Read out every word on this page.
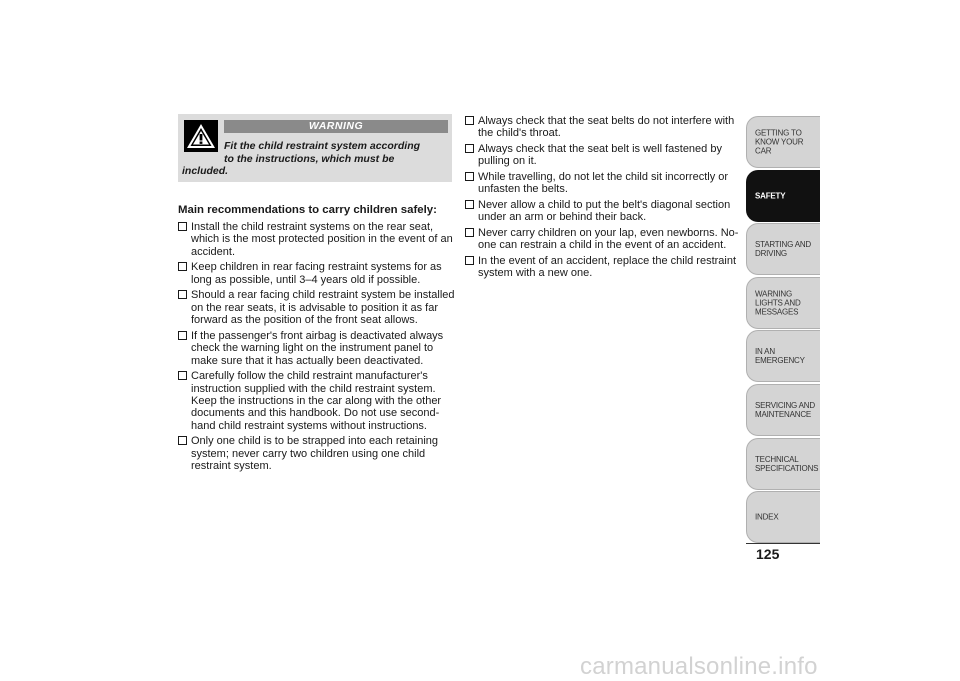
WARNING
Fit the child restraint system according
to the instructions, which must be
included.
Main recommendations to carry children safely:
Install the child restraint systems on the rear seat, which is the most protected position in the event of an accident.
Keep children in rear facing restraint systems for as long as possible, until 3–4 years old if possible.
Should a rear facing child restraint system be installed on the rear seats, it is advisable to position it as far forward as the position of the front seat allows.
If the passenger's front airbag is deactivated always check the warning light on the instrument panel to make sure that it has actually been deactivated.
Carefully follow the child restraint manufacturer's instruction supplied with the child restraint system. Keep the instructions in the car along with the other documents and this handbook. Do not use second-hand child restraint systems without instructions.
Only one child is to be strapped into each retaining system; never carry two children using one child restraint system.
Always check that the seat belts do not interfere with the child's throat.
Always check that the seat belt is well fastened by pulling on it.
While travelling, do not let the child sit incorrectly or unfasten the belts.
Never allow a child to put the belt's diagonal section under an arm or behind their back.
Never carry children on your lap, even newborns. No-one can restrain a child in the event of an accident.
In the event of an accident, replace the child restraint system with a new one.
GETTING TO KNOW YOUR CAR
SAFETY
STARTING AND DRIVING
WARNING LIGHTS AND MESSAGES
IN AN EMERGENCY
SERVICING AND MAINTENANCE
TECHNICAL SPECIFICATIONS
INDEX
125
carmanualsonline.info
